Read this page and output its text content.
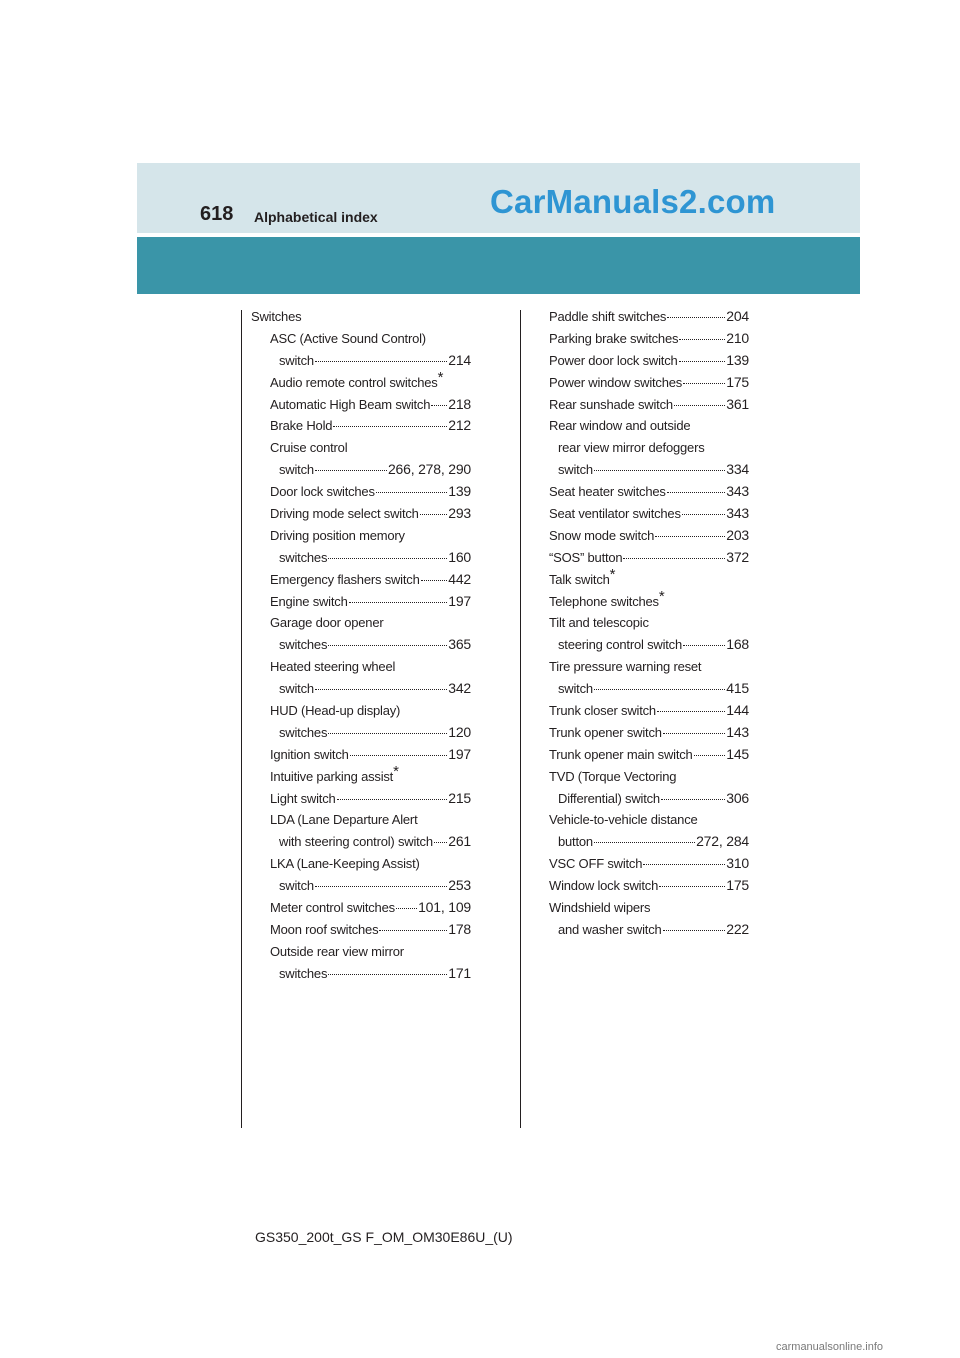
618 Alphabetical index	CarManuals2.com
Switches
ASC (Active Sound Control)
switch	214
Audio remote control switches*
Automatic High Beam switch 218
Brake Hold	212
Cruise control
switch	266, 278, 290
Door lock switches	139
Driving mode select switch 293
Driving position memory
switches	160
Emergency flashers switch 442
Engine switch	197
Garage door opener
switches	365
Heated steering wheel
switch	342
HUD (Head-up display)
switches	120
Ignition switch	197
Intuitive parking assist*
Light switch	215
LDA (Lane Departure Alert
with steering control) switch 261
LKA (Lane-Keeping Assist)
switch	253
Meter control switches 101, 109
Moon roof switches	178
Outside rear view mirror
switches	171
Paddle shift switches	204
Parking brake switches	210
Power door lock switch	139
Power window switches	175
Rear sunshade switch	361
Rear window and outside
rear view mirror defoggers
switch	334
Seat heater switches	343
Seat ventilator switches	343
Snow mode switch	203
“SOS” button	372
Talk switch*
Telephone switches*
Tilt and telescopic
steering control switch	168
Tire pressure warning reset
switch	415
Trunk closer switch	144
Trunk opener switch	143
Trunk opener main switch 145
TVD (Torque Vectoring
Differential) switch	306
Vehicle-to-vehicle distance
button	272, 284
VSC OFF switch	310
Window lock switch	175
Windshield wipers
and washer switch	222
GS350_200t_GS F_OM_OM30E86U_(U)
carmanualsonline.info
